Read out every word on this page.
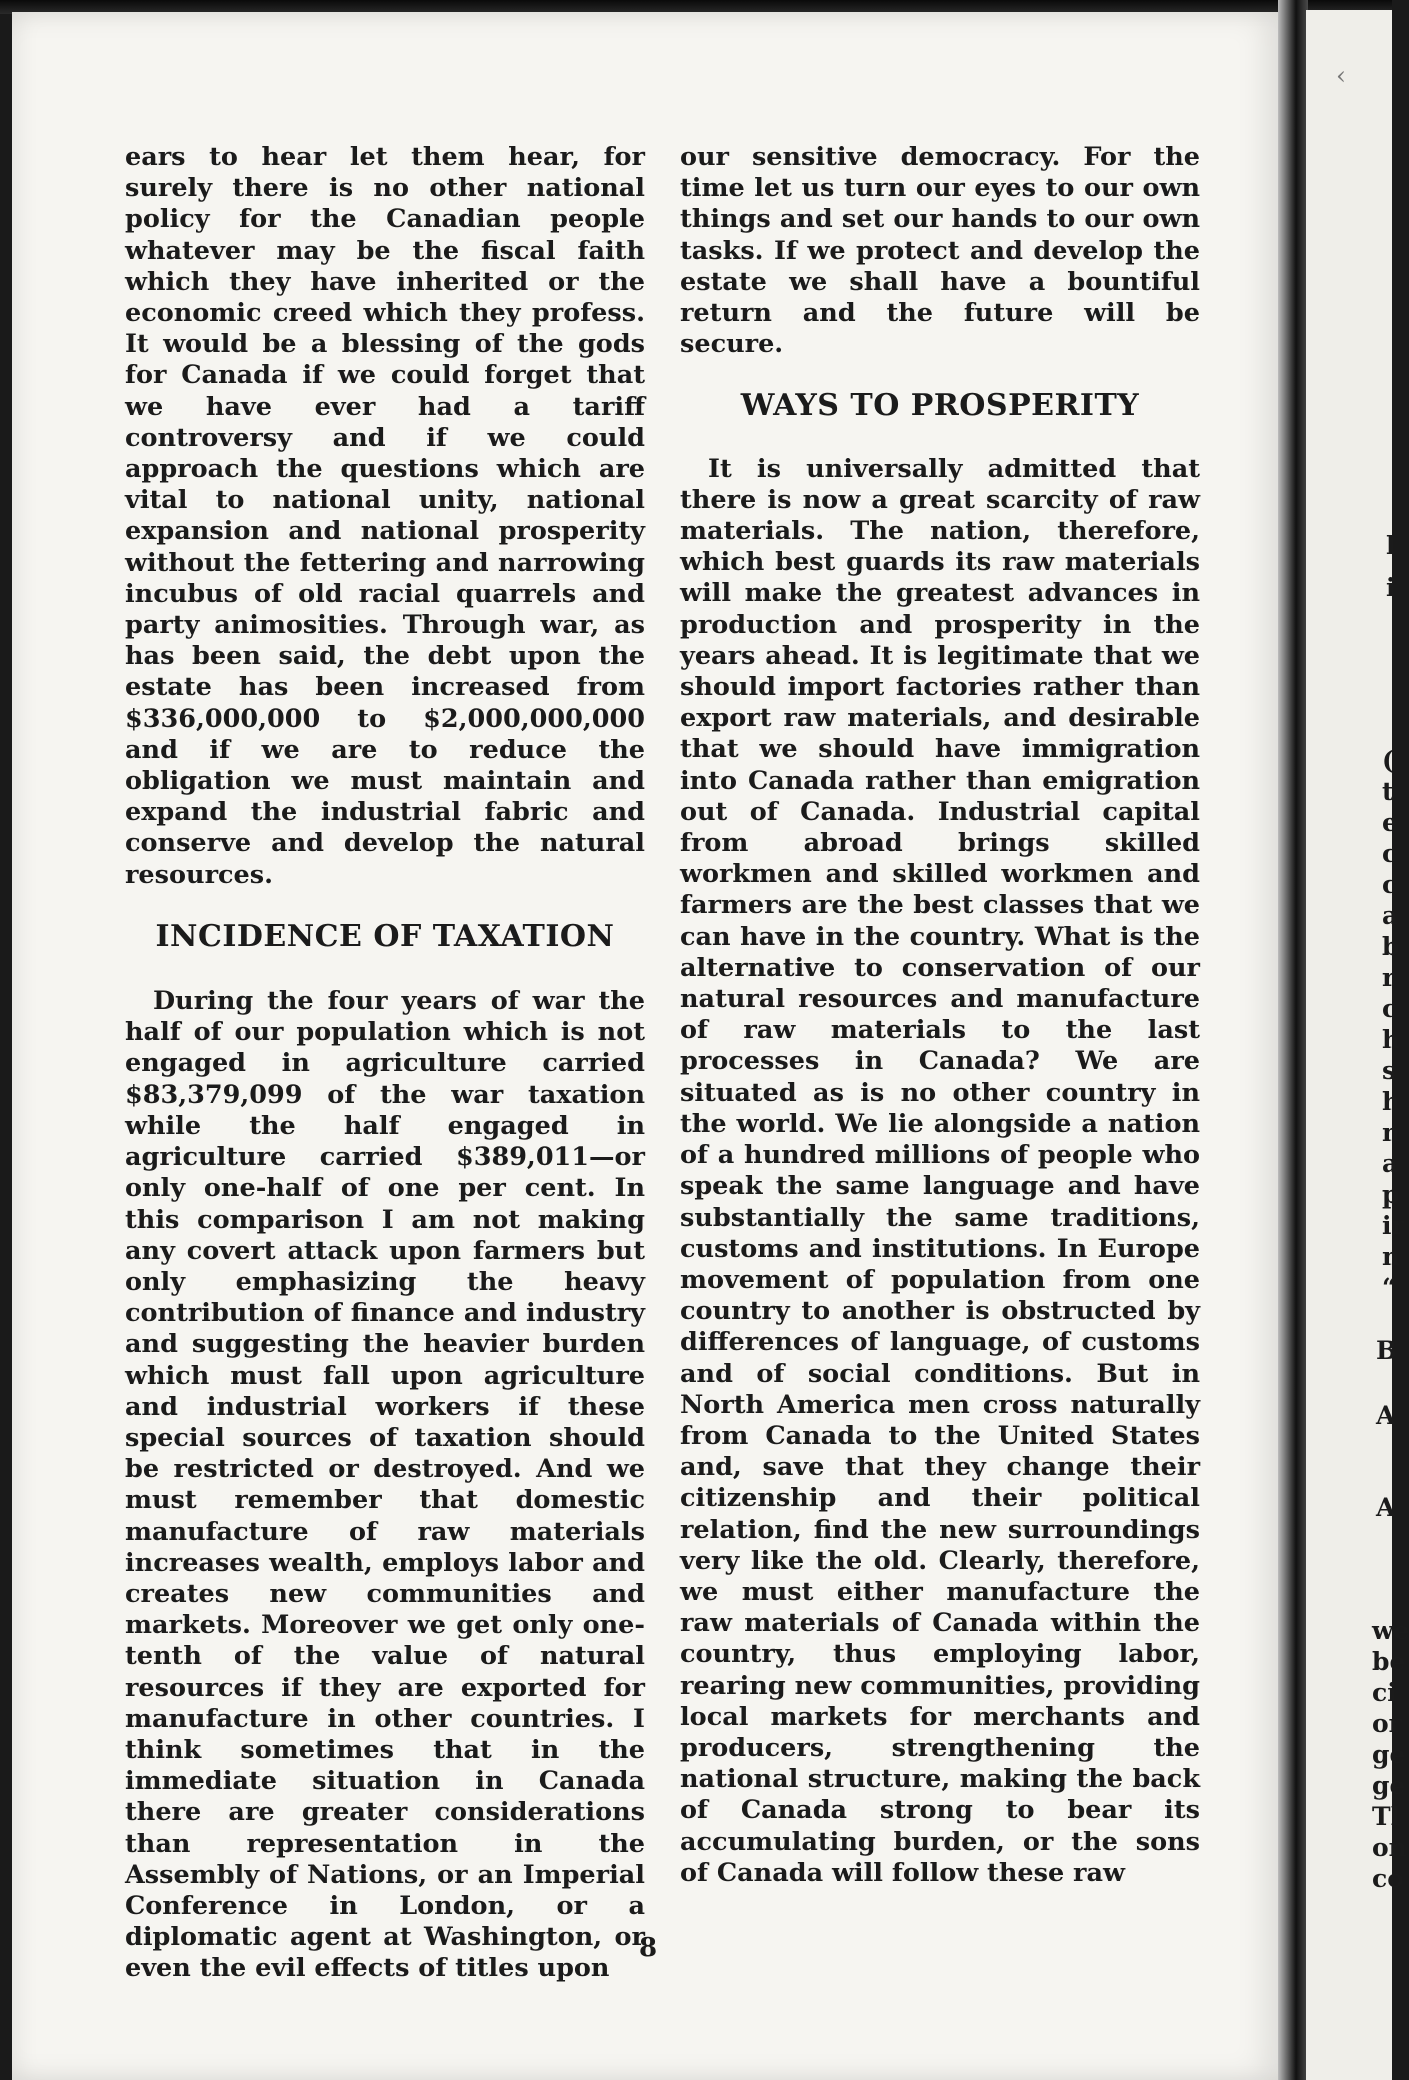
ears to hear let them hear, for surely there is no other national policy for the Canadian people whatever may be the fiscal faith which they have inherited or the economic creed which they profess. It would be a blessing of the gods for Canada if we could forget that we have ever had a tariff controversy and if we could approach the questions which are vital to national unity, national expansion and national prosperity without the fettering and narrowing incubus of old racial quarrels and party animosities. Through war, as has been said, the debt upon the estate has been increased from $336,000,000 to $2,000,000,000 and if we are to reduce the obligation we must maintain and expand the industrial fabric and conserve and develop the natural resources.

INCIDENCE OF TAXATION

During the four years of war the half of our population which is not engaged in agriculture carried $83,379,099 of the war taxation while the half engaged in agriculture carried $389,011—or only one-half of one per cent. In this comparison I am not making any covert attack upon farmers but only emphasizing the heavy contribution of finance and industry and suggesting the heavier burden which must fall upon agriculture and industrial workers if these special sources of taxation should be restricted or destroyed. And we must remember that domestic manufacture of raw materials increases wealth, employs labor and creates new communities and markets. Moreover we get only one-tenth of the value of natural resources if they are exported for manufacture in other countries. I think sometimes that in the immediate situation in Canada there are greater considerations than representation in the Assembly of Nations, or an Imperial Conference in London, or a diplomatic agent at Washington, or even the evil effects of titles upon

our sensitive democracy. For the time let us turn our eyes to our own things and set our hands to our own tasks. If we protect and develop the estate we shall have a bountiful return and the future will be secure.

WAYS TO PROSPERITY

It is universally admitted that there is now a great scarcity of raw materials. The nation, therefore, which best guards its raw materials will make the greatest advances in production and prosperity in the years ahead. It is legitimate that we should import factories rather than export raw materials, and desirable that we should have immigration into Canada rather than emigration out of Canada. Industrial capital from abroad brings skilled workmen and skilled workmen and farmers are the best classes that we can have in the country. What is the alternative to conservation of our natural resources and manufacture of raw materials to the last processes in Canada? We are situated as is no other country in the world. We lie alongside a nation of a hundred millions of people who speak the same language and have substantially the same traditions, customs and institutions. In Europe movement of population from one country to another is obstructed by differences of language, of customs and of social conditions. But in North America men cross naturally from Canada to the United States and, save that they change their citizenship and their political relation, find the new surroundings very like the old. Clearly, therefore, we must either manufacture the raw materials of Canada within the country, thus employing labor, rearing new communities, providing local markets for merchants and producers, strengthening the national structure, making the back of Canada strong to bear its accumulating burden, or the sons of Canada will follow these raw

8
‹
l
i
(
t
e
c
c
a
b
r
c
h
s
h
n
a
p
ir
n
“
B
A
A
we
be
ci
or
ge
ge
Tl
on
co
